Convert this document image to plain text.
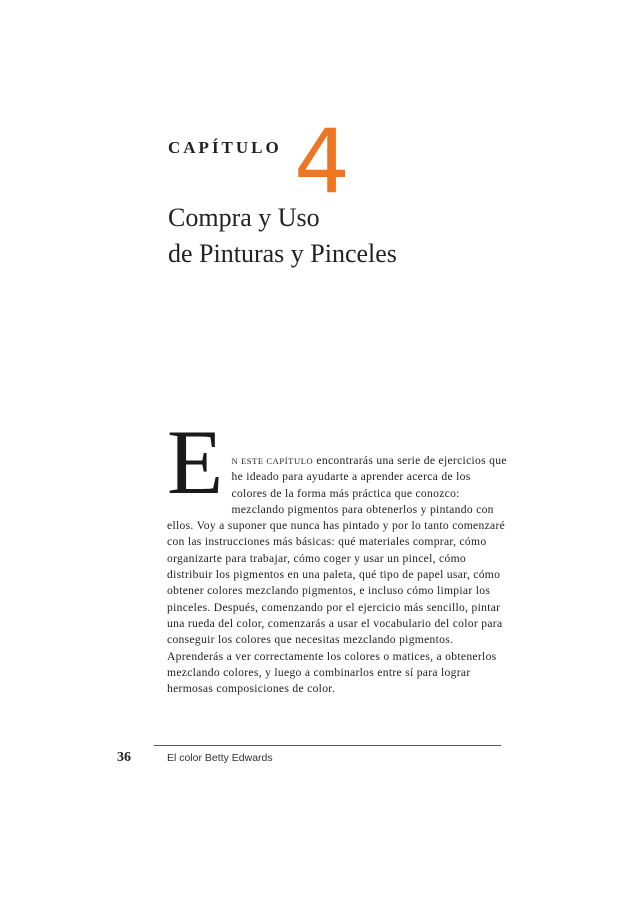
CAPÍTULO 4
Compra y Uso
de Pinturas y Pinceles
E N ESTE CAPÍTULO encontrarás una serie de ejercicios que he ideado para ayudarte a aprender acerca de los colores de la forma más práctica que conozco: mezclando pigmentos para obtenerlos y pintando con ellos. Voy a suponer que nunca has pintado y por lo tanto comenzaré con las instrucciones más básicas: qué materiales comprar, cómo organizarte para trabajar, cómo coger y usar un pincel, cómo distribuir los pigmentos en una paleta, qué tipo de papel usar, cómo obtener colores mezclando pigmentos, e incluso cómo limpiar los pinceles. Después, comenzando por el ejercicio más sencillo, pintar una rueda del color, comenzarás a usar el vocabulario del color para conseguir los colores que necesitas mezclando pigmentos. Aprenderás a ver correctamente los colores o matices, a obtenerlos mezclando colores, y luego a combinarlos entre sí para lograr hermosas composiciones de color.
36	El color Betty Edwards
